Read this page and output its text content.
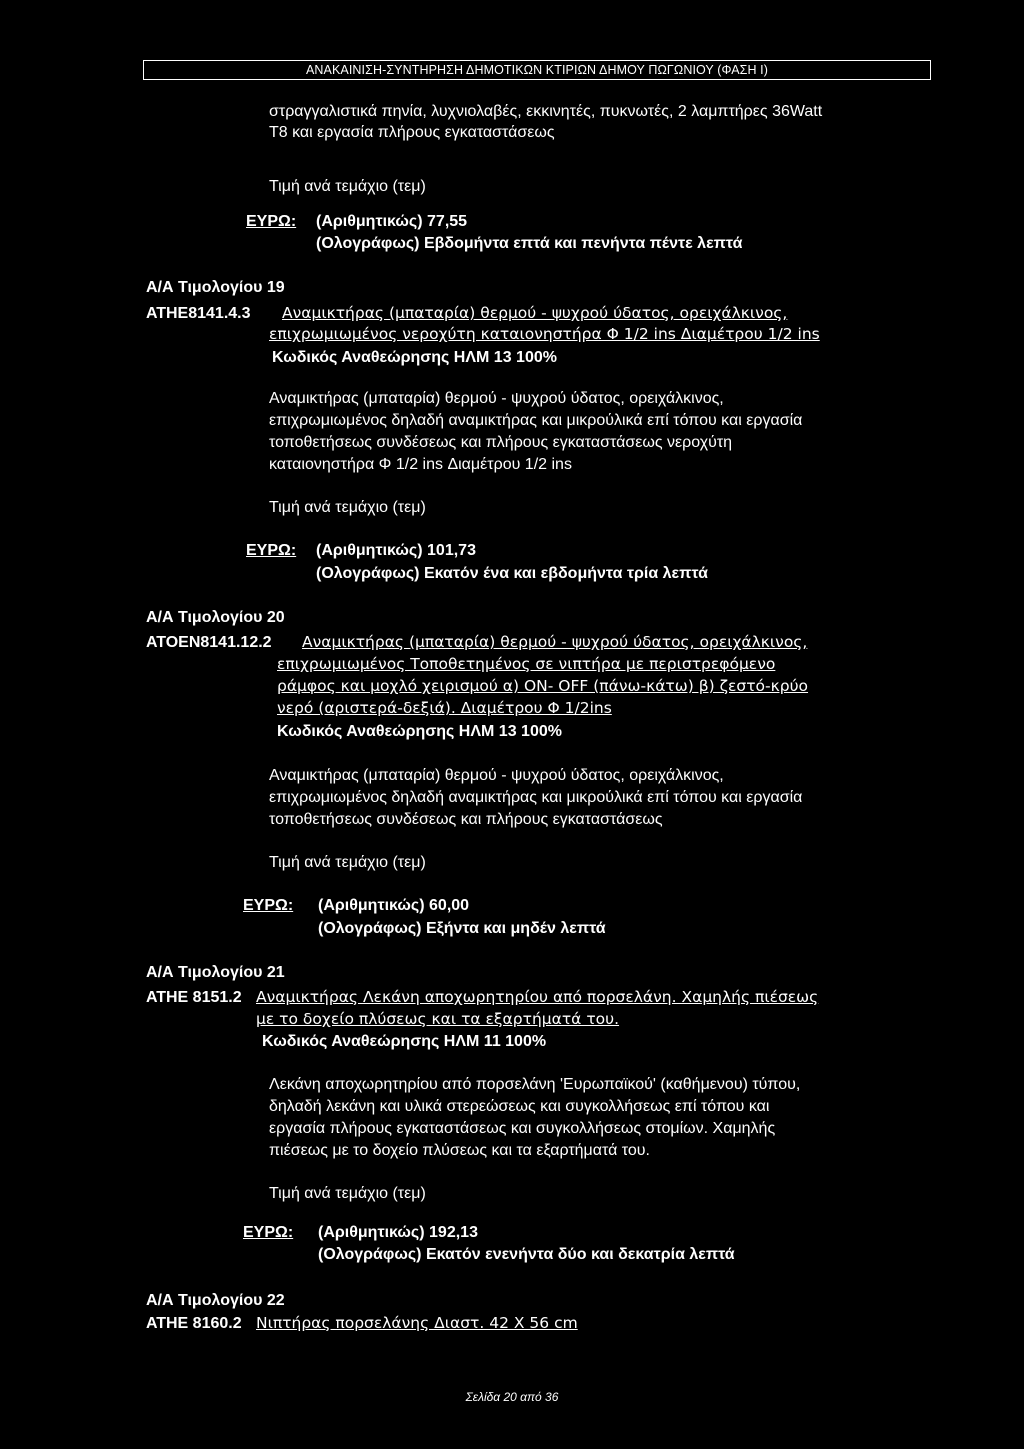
ΑΝΑΚΑΙΝΙΣΗ-ΣΥΝΤΗΡΗΣΗ ΔΗΜΟΤΙΚΩΝ ΚΤΙΡΙΩΝ ΔΗΜΟΥ ΠΩΓΩΝΙΟΥ (ΦΑΣΗ Ι)
στραγγαλιστικά πηνία, λυχνιολαβές, εκκινητές, πυκνωτές, 2 λαμπτήρες 36Watt
T8 και εργασία πλήρους εγκαταστάσεως
Τιμή ανά τεμάχιο (τεμ)
ΕΥΡΩ: (Αριθμητικώς) 77,55
(Ολογράφως) Εβδομήντα επτά και πενήντα πέντε λεπτά
Α/Α Τιμολογίου 19
ΑΤΗΕ8141.4.3 Αναμικτήρας (μπαταρία) θερμού - ψυχρού ύδατος, ορειχάλκινος,
επιχρωμιωμένος νεροχύτη καταιονηστήρα Φ 1/2 ins Διαμέτρου 1/2 ins
Κωδικός Αναθεώρησης ΗΛΜ 13 100%
Αναμικτήρας (μπαταρία) θερμού - ψυχρού ύδατος, ορειχάλκινος,
επιχρωμιωμένος δηλαδή αναμικτήρας και μικρούλικά επί τόπου και εργασία
τοποθετήσεως συνδέσεως και πλήρους εγκαταστάσεως νεροχύτη
καταιονηστήρα Φ 1/2 ins Διαμέτρου 1/2 ins
Τιμή ανά τεμάχιο (τεμ)
ΕΥΡΩ: (Αριθμητικώς) 101,73
(Ολογράφως) Εκατόν ένα και εβδομήντα τρία λεπτά
Α/Α Τιμολογίου 20
ΑΤΟΕΝ8141.12.2 Αναμικτήρας (μπαταρία) θερμού - ψυχρού ύδατος, ορειχάλκινος,
επιχρωμιωμένος Τοποθετημένος σε νιπτήρα με περιστρεφόμενο
ράμφος και μοχλό χειρισμού α) ON- OFF (πάνω-κάτω) β) ζεστό-κρύο
νερό (αριστερά-δεξιά). Διαμέτρου Φ 1/2ins
Κωδικός Αναθεώρησης ΗΛΜ 13 100%
Αναμικτήρας (μπαταρία) θερμού - ψυχρού ύδατος, ορειχάλκινος,
επιχρωμιωμένος δηλαδή αναμικτήρας και μικρούλικά επί τόπου και εργασία
τοποθετήσεως συνδέσεως και πλήρους εγκαταστάσεως
Τιμή ανά τεμάχιο (τεμ)
ΕΥΡΩ: (Αριθμητικώς) 60,00
(Ολογράφως) Εξήντα και μηδέν λεπτά
Α/Α Τιμολογίου 21
ΑΤΗΕ 8151.2 Αναμικτήρας Λεκάνη αποχωρητηρίου από πορσελάνη. Χαμηλής πιέσεως
με το δοχείο πλύσεως και τα εξαρτήματά του.
Κωδικός Αναθεώρησης ΗΛΜ 11 100%
Λεκάνη αποχωρητηρίου από πορσελάνη 'Ευρωπαϊκού' (καθήμενου) τύπου,
δηλαδή λεκάνη και υλικά στερεώσεως και συγκολλήσεως επί τόπου και
εργασία πλήρους εγκαταστάσεως και συγκολλήσεως στομίων. Χαμηλής
πιέσεως με το δοχείο πλύσεως και τα εξαρτήματά του.
Τιμή ανά τεμάχιο (τεμ)
ΕΥΡΩ: (Αριθμητικώς) 192,13
(Ολογράφως) Εκατόν ενενήντα δύο και δεκατρία λεπτά
Α/Α Τιμολογίου 22
ΑΤΗΕ 8160.2 Νιπτήρας πορσελάνης Διαστ. 42 Χ 56 cm
Σελίδα 20 από 36
